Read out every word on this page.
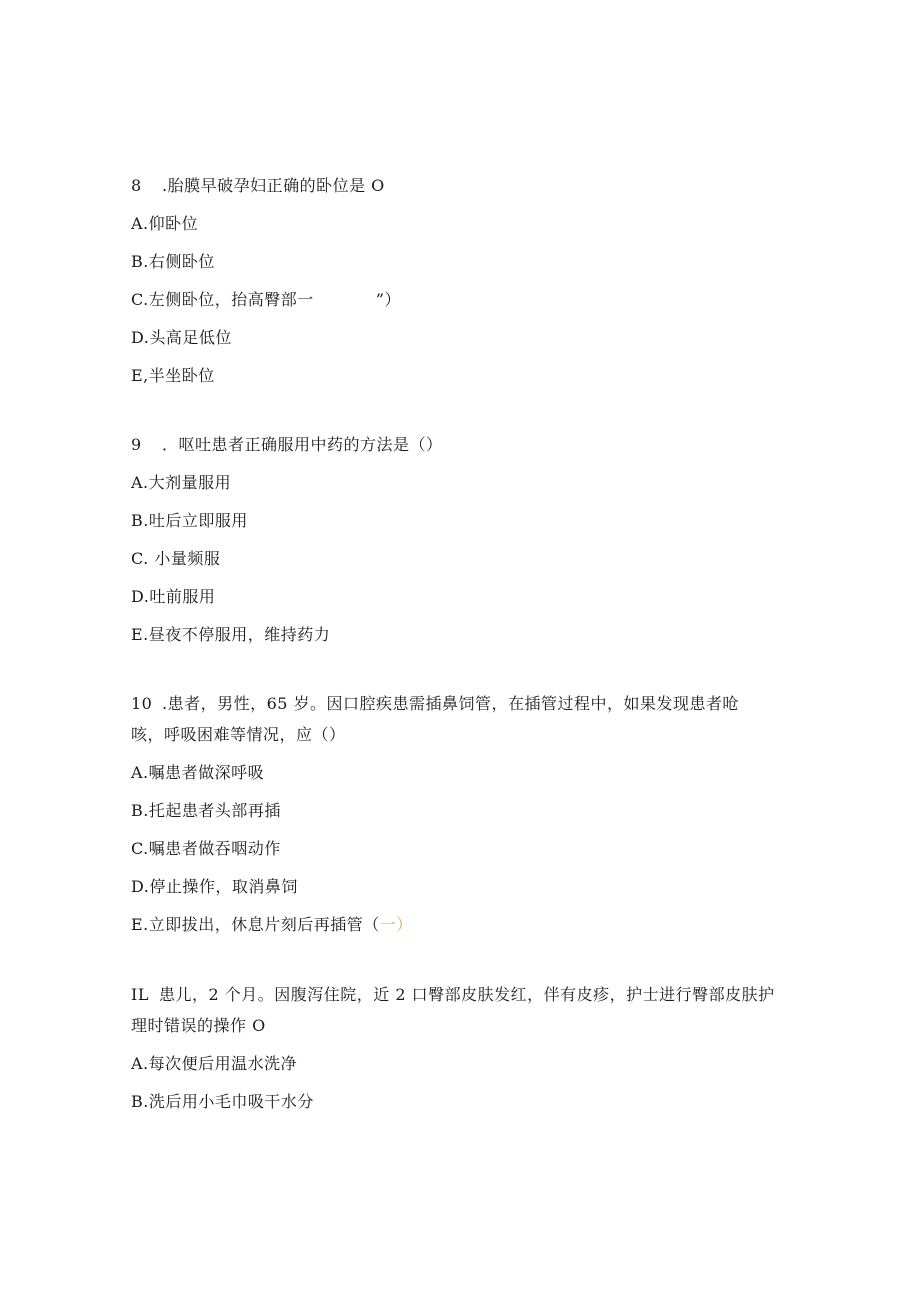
8 .胎膜早破孕妇正确的卧位是 O
A.仰卧位
B.右侧卧位
C.左侧卧位，抬高臀部一	”）
D.头高足低位
E,半坐卧位
9 ．呕吐患者正确服用中药的方法是（）
A.大剂量服用
B.吐后立即服用
C. 小量频服
D.吐前服用
E.昼夜不停服用，维持药力
10 .患者，男性，65 岁。因口腔疾患需插鼻饲管，在插管过程中，如果发现患者呛
咳，呼吸困难等情况，应（）
A.嘱患者做深呼吸
B.托起患者头部再插
C.嘱患者做吞咽动作
D.停止操作，取消鼻饲
E.立即拔出，休息片刻后再插管（一）
IL 患儿，2 个月。因腹泻住院，近 2 口臀部皮肤发红，伴有皮疹，护士进行臀部皮肤护
理时错误的操作 O
A.每次便后用温水洗净
B.洗后用小毛巾吸干水分
